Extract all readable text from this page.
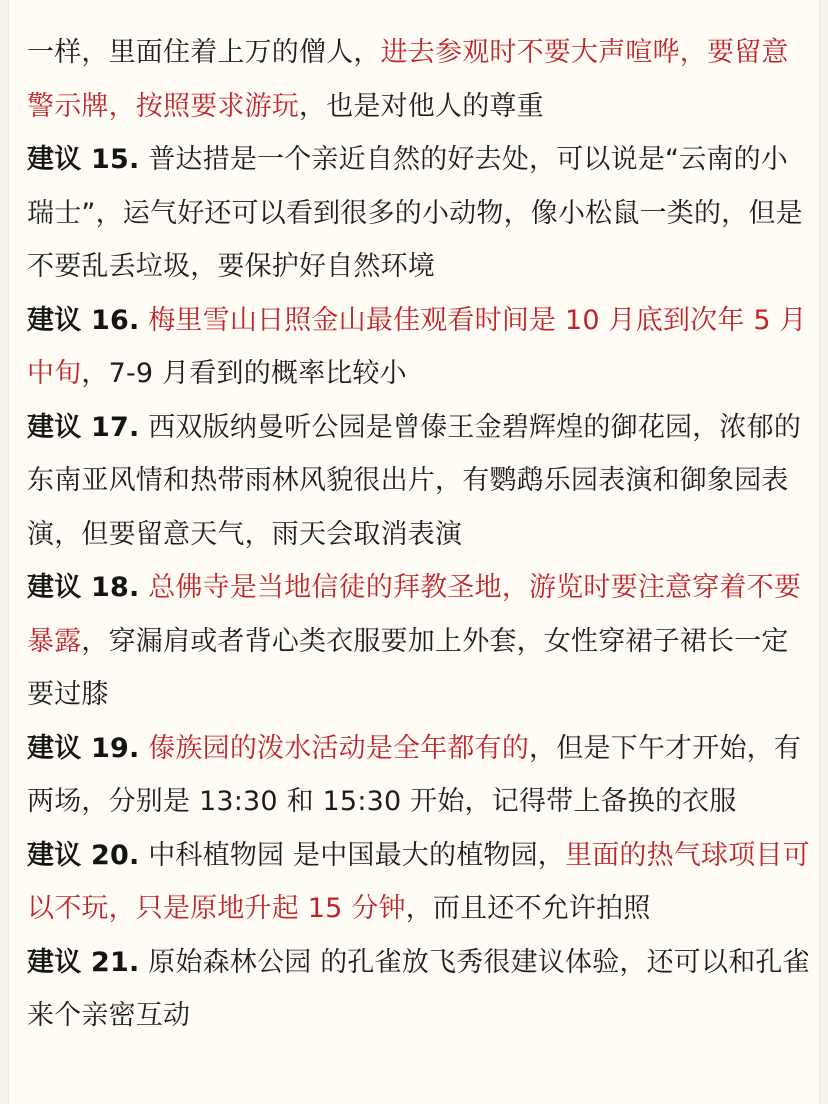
一样，里面住着上万的僧人，进去参观时不要大声喧哗，要留意警示牌，按照要求游玩，也是对他人的尊重

建议 15. 普达措是一个亲近自然的好去处，可以说是“云南的小瑞士”，运气好还可以看到很多的小动物，像小松鼠一类的，但是不要乱丢垃圾，要保护好自然环境

建议 16. 梅里雪山日照金山最佳观看时间是 10 月底到次年 5 月中旬，7-9 月看到的概率比较小

建议 17. 西双版纳曼听公园是曾傣王金碧辉煌的御花园，浓郁的东南亚风情和热带雨林风貌很出片，有鹦鹉乐园表演和御象园表演，但要留意天气，雨天会取消表演

建议 18. 总佛寺是当地信徒的拜教圣地，游览时要注意穿着不要暴露，穿漏肩或者背心类衣服要加上外套，女性穿裙子裙长一定要过膝

建议 19. 傣族园的泼水活动是全年都有的，但是下午才开始，有两场，分别是 13:30 和 15:30 开始，记得带上备换的衣服

建议 20. 中科植物园 是中国最大的植物园，里面的热气球项目可以不玩，只是原地升起 15 分钟，而且还不允许拍照

建议 21. 原始森林公园 的孔雀放飞秀很建议体验，还可以和孔雀来个亲密互动
